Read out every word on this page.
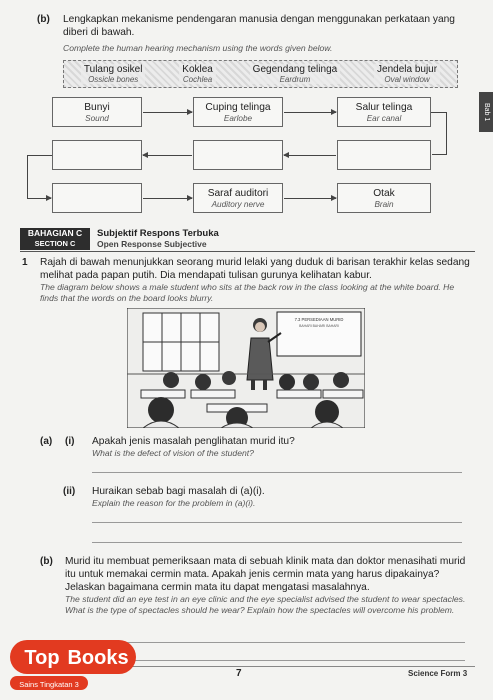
(b) Lengkapkan mekanisme pendengaran manusia dengan menggunakan perkataan yang diberi di bawah.
Complete the human hearing mechanism using the words given below.
Tulang osikel
Ossicle bones
Koklea
Cochlea
Gegendang telinga
Eardrum
Jendela bujur
Oval window
Bunyi
Sound
Cuping telinga
Earlobe
Salur telinga
Ear canal
Saraf auditori
Auditory nerve
Otak
Brain
Bab 1
BAHAGIAN C
SECTION C
Subjektif Respons Terbuka
Open Response Subjective
1 Rajah di bawah menunjukkan seorang murid lelaki yang duduk di barisan terakhir kelas sedang melihat pada papan putih. Dia mendapati tulisan gurunya kelihatan kabur.
The diagram below shows a male student who sits at the back row in the class looking at the white board. He finds that the words on the board looks blurry.
7.3 PERSEDIAAN MURID
BAHARI BAHARI BAHARI
(a) (i) Apakah jenis masalah penglihatan murid itu?
What is the defect of vision of the student?
(ii) Huraikan sebab bagi masalah di (a)(i).
Explain the reason for the problem in (a)(i).
(b) Murid itu membuat pemeriksaan mata di sebuah klinik mata dan doktor menasihati murid itu untuk memakai cermin mata. Apakah jenis cermin mata yang harus dipakainya? Jelaskan bagaimana cermin mata itu dapat mengatasi masalahnya.
The student did an eye test in an eye clinic and the eye specialist advised the student to wear spectacles. What is the type of spectacles should he wear? Explain how the spectacles will overcome his problem.
7	Science Form 3
Top Books
Sains Tingkatan 3
